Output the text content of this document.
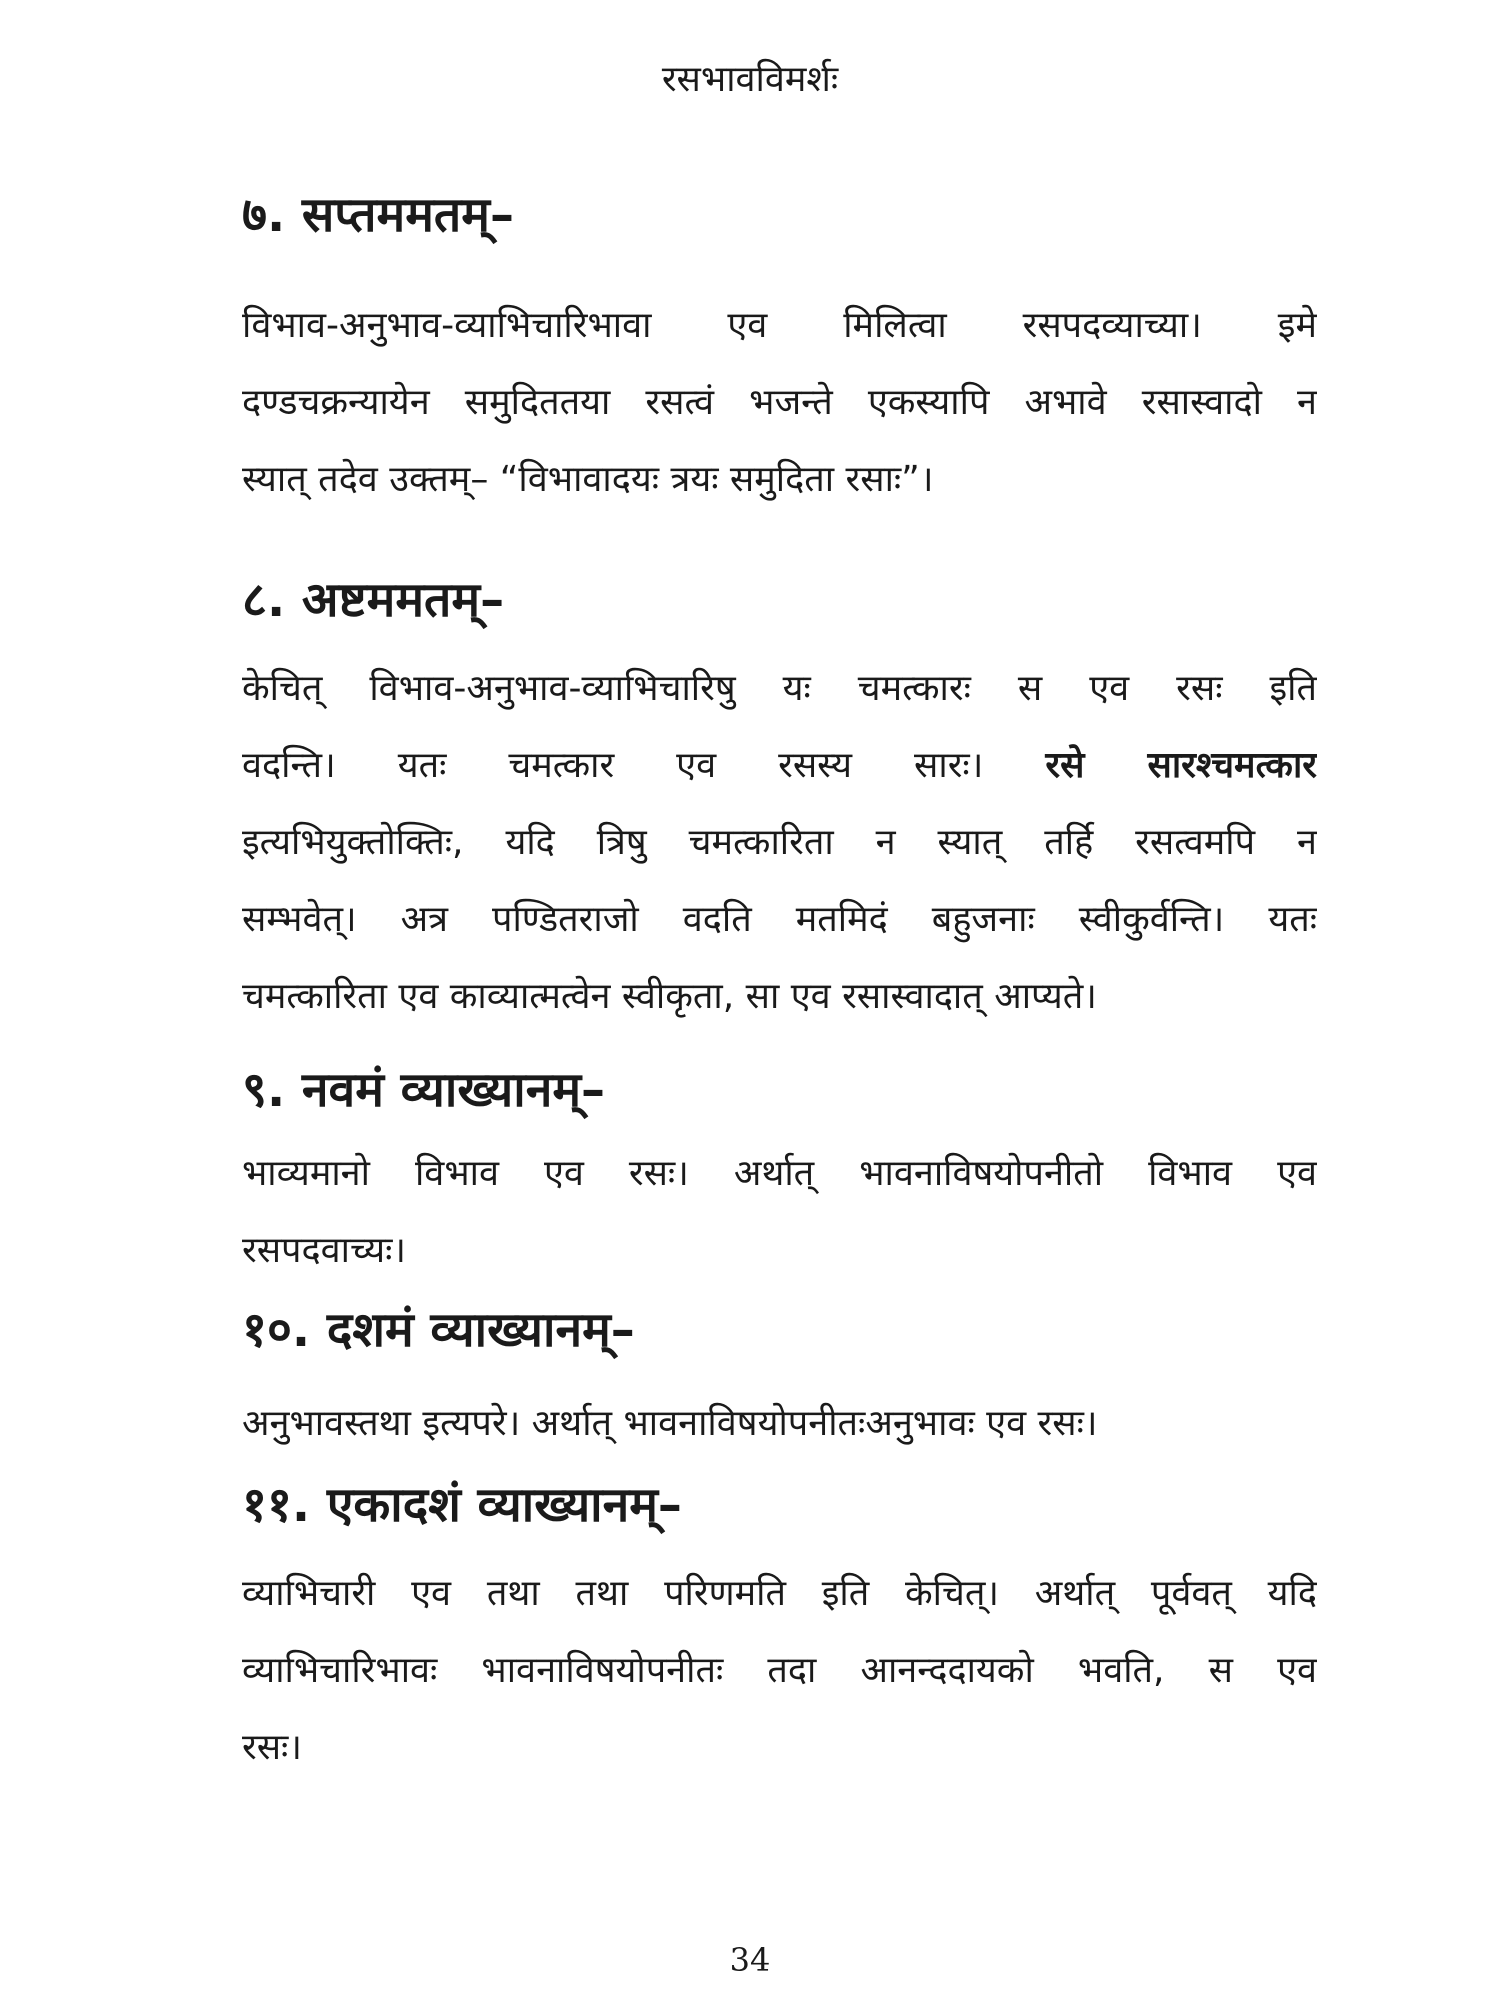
रसभावविमर्शः
७. सप्तममतम्–
विभाव-अनुभाव-व्याभिचारिभावा एव मिलित्वा रसपदव्याच्या। इमे
दण्डचक्रन्यायेन समुदिततया रसत्वं भजन्ते एकस्यापि अभावे रसास्वादो न
स्यात् तदेव उक्तम्– “विभावादयः त्रयः समुदिता रसाः”।
८. अष्टममतम्–
केचित् विभाव-अनुभाव-व्याभिचारिषु यः चमत्कारः स एव रसः इति
वदन्ति। यतः चमत्कार एव रसस्य सारः। रसे सारश्चमत्कार
इत्यभियुक्तोक्तिः, यदि त्रिषु चमत्कारिता न स्यात् तर्हि रसत्वमपि न
सम्भवेत्। अत्र पण्डितराजो वदति मतमिदं बहुजनाः स्वीकुर्वन्ति। यतः
चमत्कारिता एव काव्यात्मत्वेन स्वीकृता, सा एव रसास्वादात् आप्यते।
९. नवमं व्याख्यानम्–
भाव्यमानो विभाव एव रसः। अर्थात् भावनाविषयोपनीतो विभाव एव
रसपदवाच्यः।
१०. दशमं व्याख्यानम्–
अनुभावस्तथा इत्यपरे। अर्थात् भावनाविषयोपनीतःअनुभावः एव रसः।
११. एकादशं व्याख्यानम्–
व्याभिचारी एव तथा तथा परिणमति इति केचित्। अर्थात् पूर्ववत् यदि
व्याभिचारिभावः भावनाविषयोपनीतः तदा आनन्ददायको भवति, स एव
रसः।
34
